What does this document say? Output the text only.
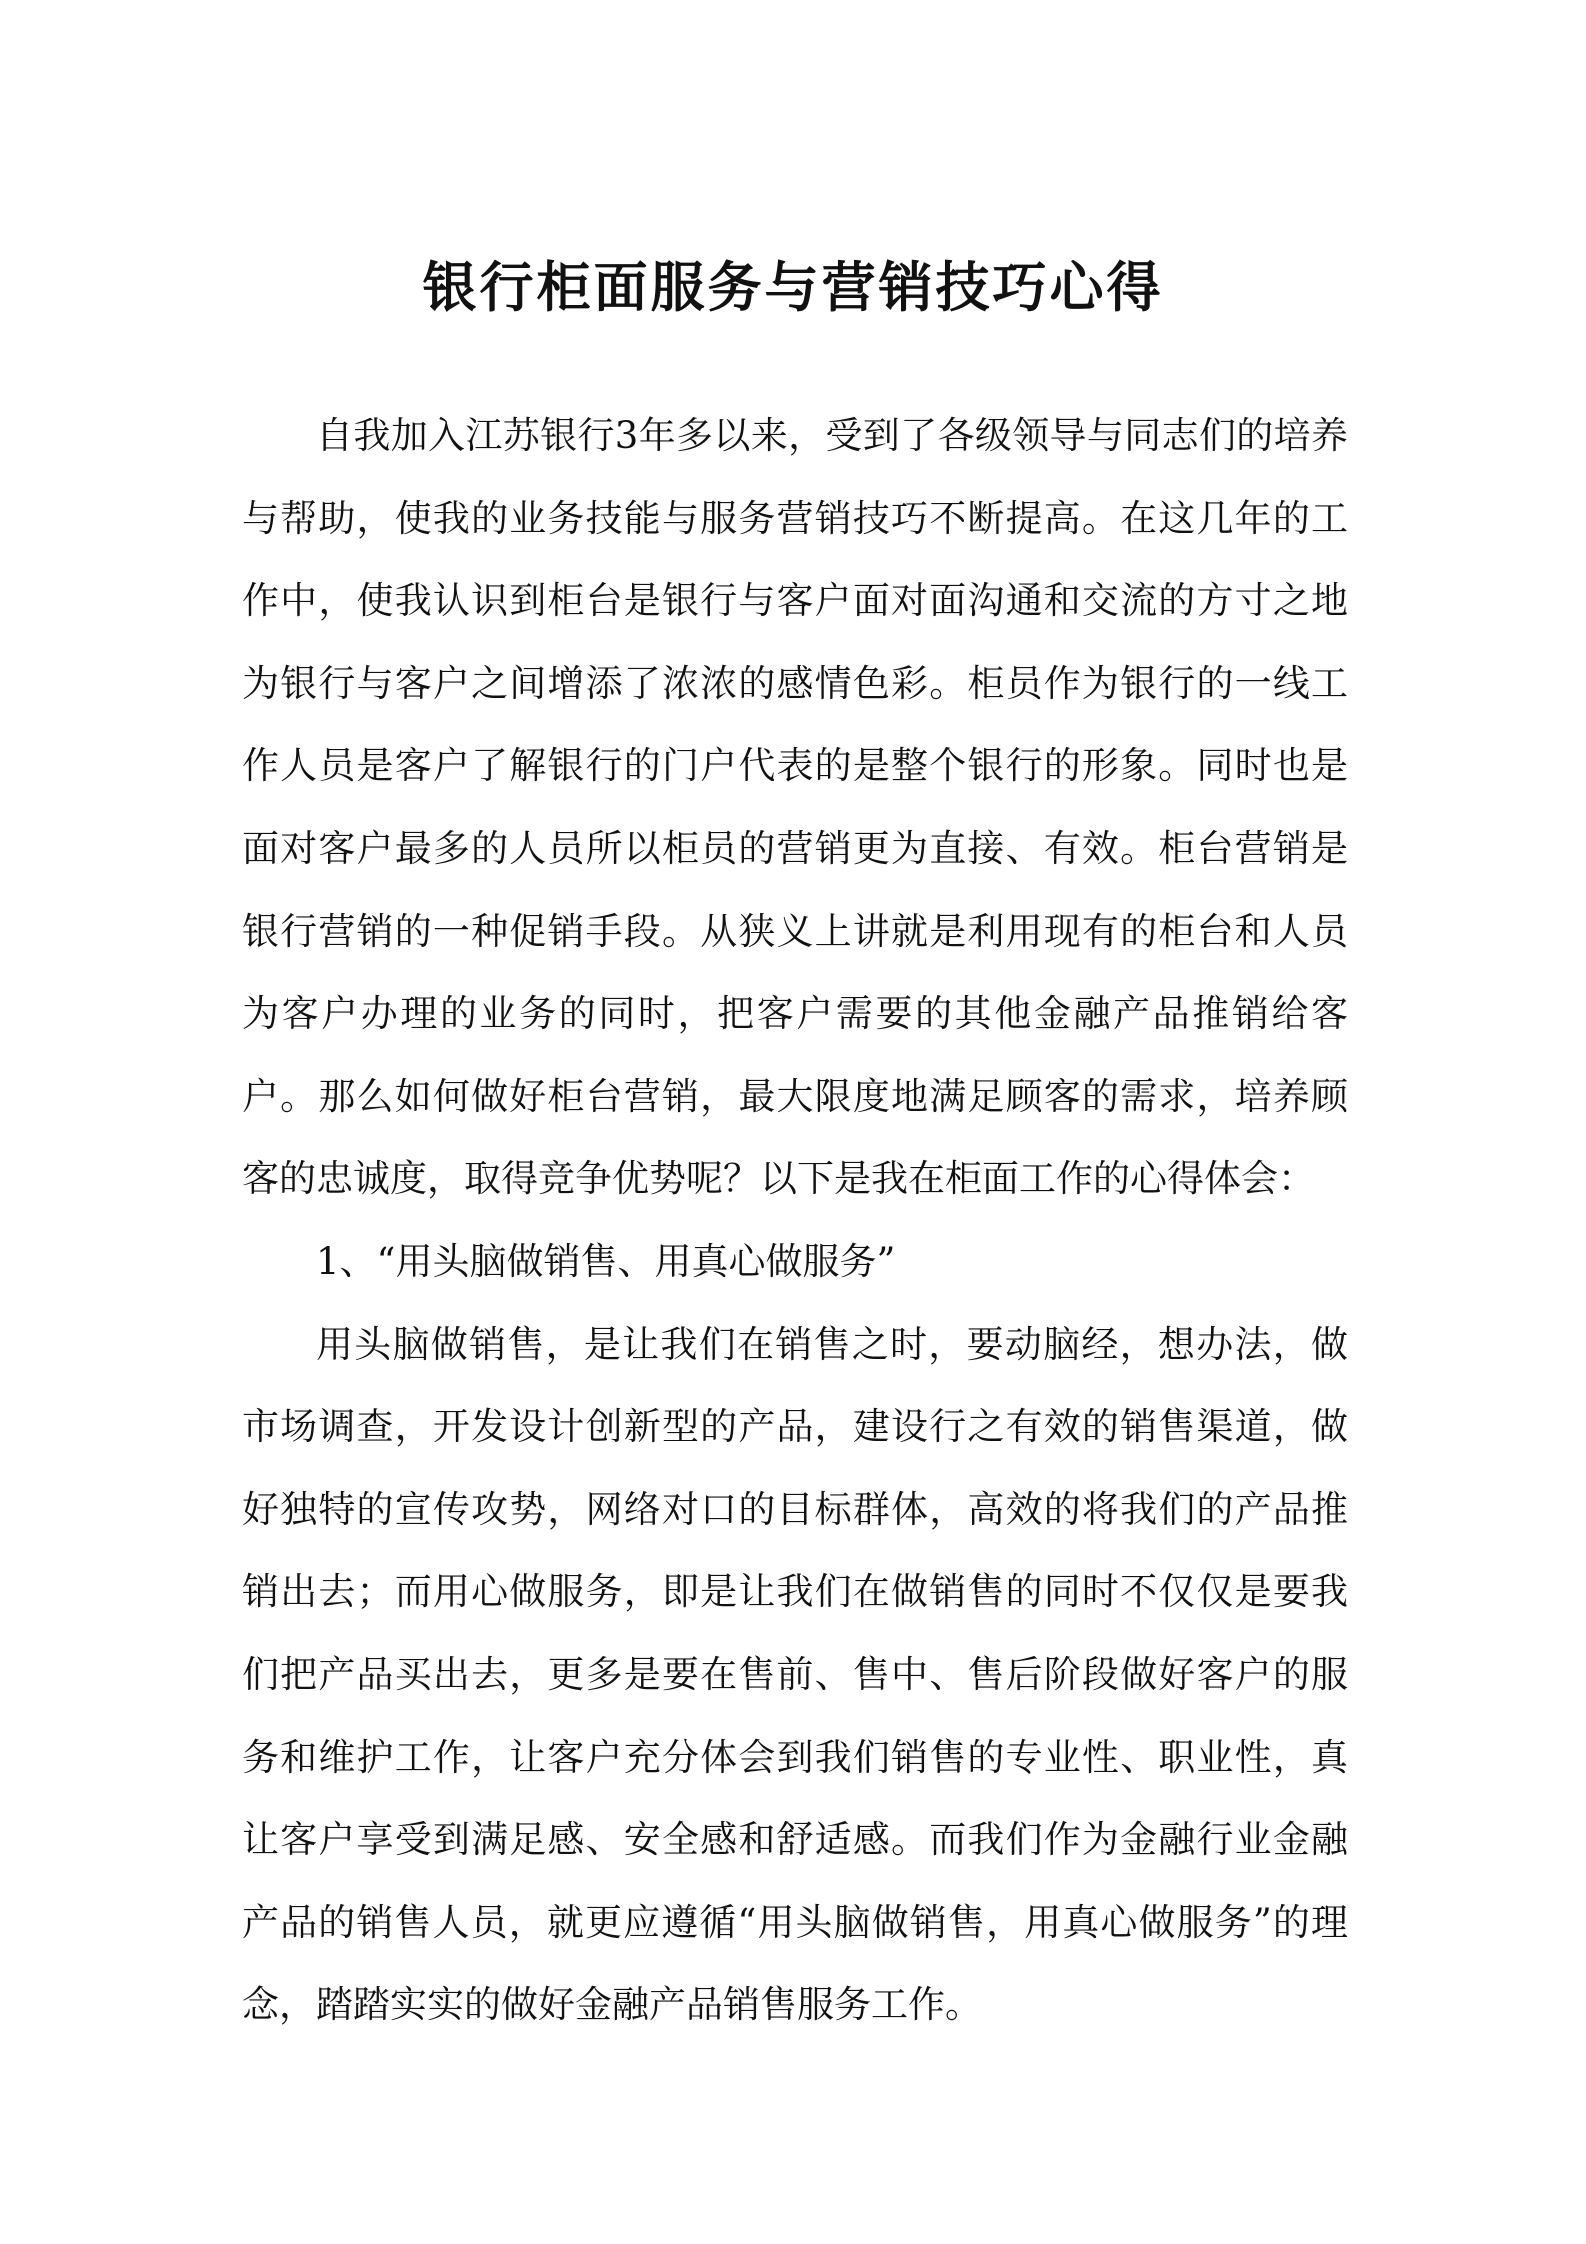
银行柜面服务与营销技巧心得

自我加入江苏银行3年多以来，受到了各级领导与同志们的培养与帮助，使我的业务技能与服务营销技巧不断提高。在这几年的工作中，使我认识到柜台是银行与客户面对面沟通和交流的方寸之地　为银行与客户之间增添了浓浓的感情色彩。柜员作为银行的一线工作人员是客户了解银行的门户代表的是整个银行的形象。同时也是面对客户最多的人员所以柜员的营销更为直接、有效。柜台营销是银行营销的一种促销手段。从狭义上讲就是利用现有的柜台和人员为客户办理的业务的同时，把客户需要的其他金融产品推销给客户。那么如何做好柜台营销，最大限度地满足顾客的需求，培养顾客的忠诚度，取得竞争优势呢？以下是我在柜面工作的心得体会：

1、“用头脑做销售、用真心做服务”

用头脑做销售，是让我们在销售之时，要动脑经，想办法，做市场调查，开发设计创新型的产品，建设行之有效的销售渠道，做好独特的宣传攻势，网络对口的目标群体，高效的将我们的产品推销出去；而用心做服务，即是让我们在做销售的同时不仅仅是要我们把产品买出去，更多是要在售前、售中、售后阶段做好客户的服务和维护工作，让客户充分体会到我们销售的专业性、职业性，真让客户享受到满足感、安全感和舒适感。而我们作为金融行业金融产品的销售人员，就更应遵循“用头脑做销售，用真心做服务”的理念，踏踏实实的做好金融产品销售服务工作。
